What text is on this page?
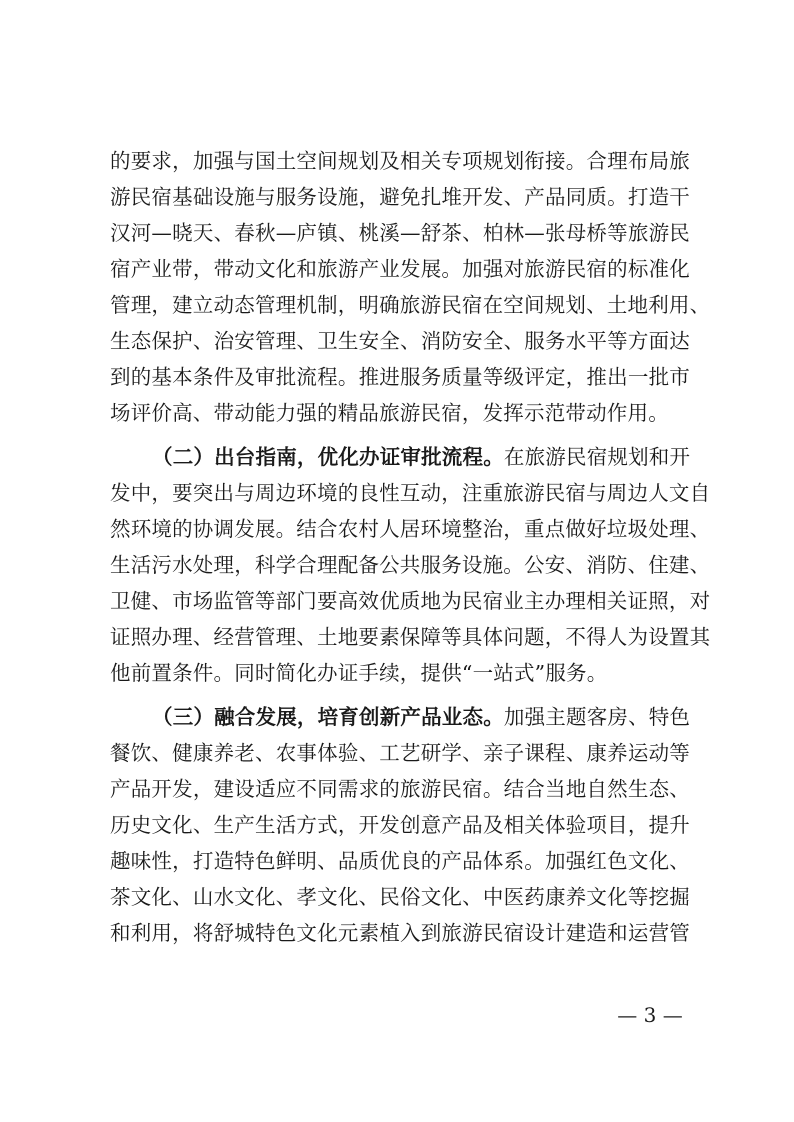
的要求，加强与国土空间规划及相关专项规划衔接。合理布局旅
游民宿基础设施与服务设施，避免扎堆开发、产品同质。打造干
汉河—晓天、春秋—庐镇、桃溪—舒茶、柏林—张母桥等旅游民
宿产业带，带动文化和旅游产业发展。加强对旅游民宿的标准化
管理，建立动态管理机制，明确旅游民宿在空间规划、土地利用、
生态保护、治安管理、卫生安全、消防安全、服务水平等方面达
到的基本条件及审批流程。推进服务质量等级评定，推出一批市
场评价高、带动能力强的精品旅游民宿，发挥示范带动作用。
（二）出台指南，优化办证审批流程。在旅游民宿规划和开
发中，要突出与周边环境的良性互动，注重旅游民宿与周边人文自
然环境的协调发展。结合农村人居环境整治，重点做好垃圾处理、
生活污水处理，科学合理配备公共服务设施。公安、消防、住建、
卫健、市场监管等部门要高效优质地为民宿业主办理相关证照，对
证照办理、经营管理、土地要素保障等具体问题，不得人为设置其
他前置条件。同时简化办证手续，提供“一站式”服务。
（三）融合发展，培育创新产品业态。加强主题客房、特色
餐饮、健康养老、农事体验、工艺研学、亲子课程、康养运动等
产品开发，建设适应不同需求的旅游民宿。结合当地自然生态、
历史文化、生产生活方式，开发创意产品及相关体验项目，提升
趣味性，打造特色鲜明、品质优良的产品体系。加强红色文化、
茶文化、山水文化、孝文化、民俗文化、中医药康养文化等挖掘
和利用，将舒城特色文化元素植入到旅游民宿设计建造和运营管
— 3 —
